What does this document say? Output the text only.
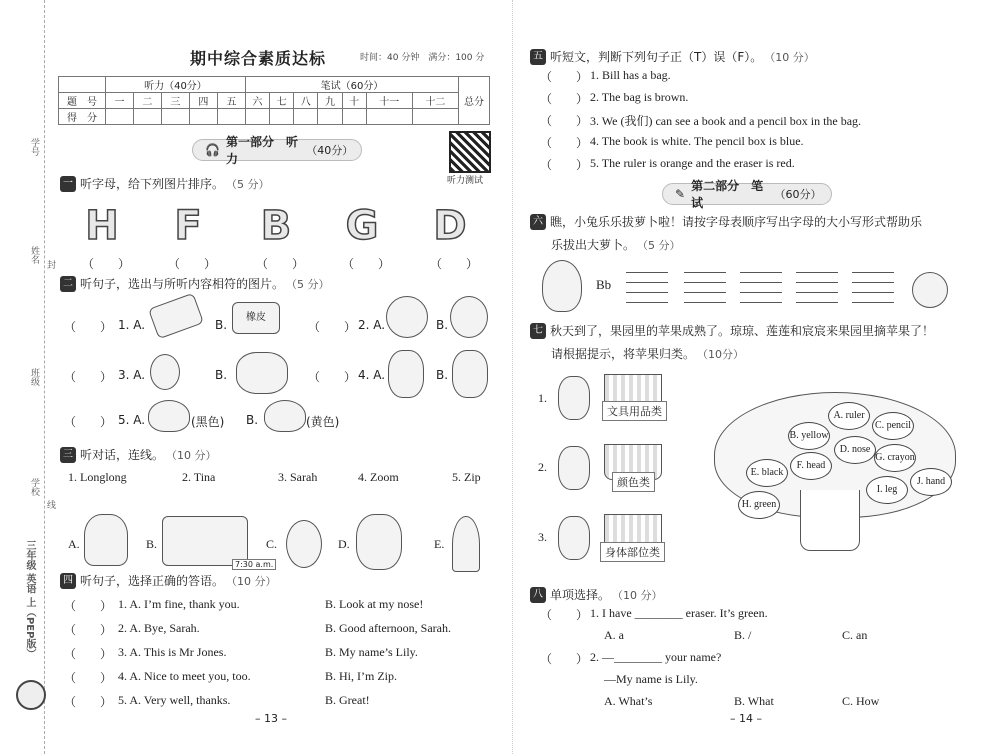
学号
姓名
班级
学校
封
线
三年级 英语 上（PEP版）
期中综合素质达标	时间：40 分钟　满分：100 分
	听力（40分）					笔试（60分）							总分
题　号	一	二	三	四	五	六	七	八	九	十	十一	十二	
得　分													
🎧
第一部分　听力
（40分）
听力测试
一 听字母，给下列图片排序。 （5 分）
H F B G D
（　　）	（　　）	（　　）	（　　）	（　　）
二 听句子，选出与所听内容相符的图片。 （5 分）
（　　） 1. A.	B.
橡皮
（　　） 2. A.	B.
（　　） 3. A.	B.	（　　） 4. A.	B.
（　　） 5. A.	(黑色) B.	(黄色)
三 听对话，连线。 （10 分）
1. Longlong	2. Tina	3. Sarah	4. Zoom	5. Zip
A.	B.
7:30 a.m.
C.	D.	E.
四 听句子，选择正确的答语。 （10 分）
（　　） 1. A. I’m fine, thank you.	B. Look at my nose!
（　　） 2. A. Bye, Sarah.	B. Good afternoon, Sarah.
（　　） 3. A. This is Mr Jones.	B. My name’s Lily.
（　　） 4. A. Nice to meet you, too.	B. Hi, I’m Zip.
（　　） 5. A. Very well, thanks.	B. Great!
– 13 –
五 听短文，判断下列句子正（T）误（F）。 （10 分）
（　　） 1. Bill has a bag.
（　　） 2. The bag is brown.
（　　） 3. We (我们) can see a book and a pencil box in the bag.
（　　） 4. The book is white. The pencil box is blue.
（　　） 5. The ruler is orange and the eraser is red.
✎
第二部分　笔试
（60分）
六 瞧，小兔乐乐拔萝卜啦！请按字母表顺序写出字母的大小写形式帮助乐
乐拔出大萝卜。 （5 分）
Bb
七 秋天到了，果园里的苹果成熟了。琼琼、莲莲和宸宸来果园里摘苹果了！
请根据提示，将苹果归类。 （10分）
1.
文具用品类
2.
颜色类
3.
身体部位类
A. ruler
B. yellow
C. pencil
D. nose
E. black
F. head
G. crayon
H. green
I. leg
J. hand
八 单项选择。 （10 分）
（　　） 1. I have ________ eraser. It’s green.
A. a	B. /	C. an
（　　） 2. —________ your name?
—My name is Lily.
A. What’s	B. What	C. How
– 14 –
